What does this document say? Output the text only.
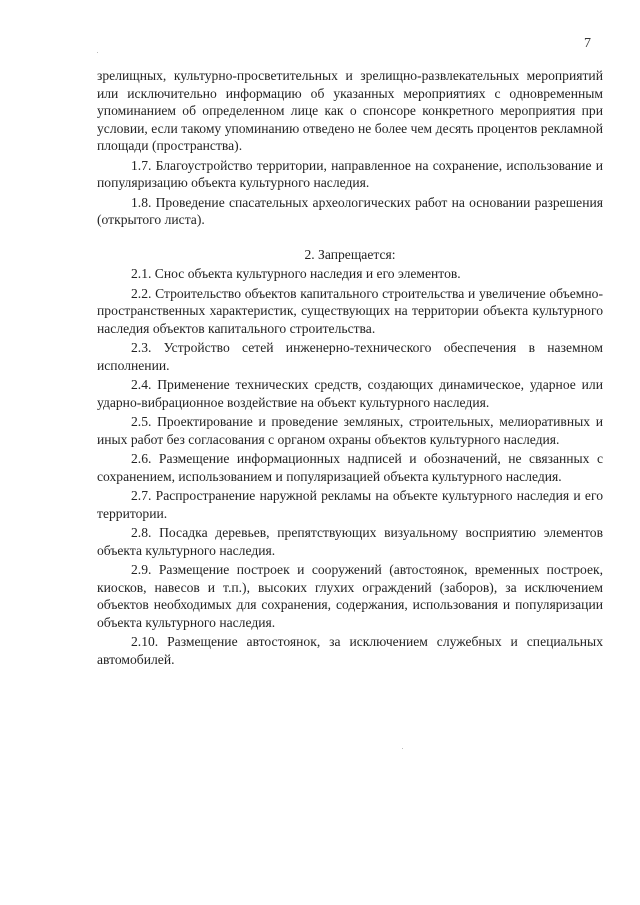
7

зрелищных, культурно-просветительных и зрелищно-развлекательных мероприятий или исключительно информацию об указанных мероприятиях с одновременным упоминанием об определенном лице как о спонсоре конкретного мероприятия при условии, если такому упоминанию отведено не более чем десять процентов рекламной площади (пространства).

1.7. Благоустройство территории, направленное на сохранение, использование и популяризацию объекта культурного наследия.

1.8. Проведение спасательных археологических работ на основании разрешения (открытого листа).

2. Запрещается:

2.1. Снос объекта культурного наследия и его элементов.

2.2. Строительство объектов капитального строительства и увеличение объемно-пространственных характеристик, существующих на территории объекта культурного наследия объектов капитального строительства.

2.3. Устройство сетей инженерно-технического обеспечения в наземном исполнении.

2.4. Применение технических средств, создающих динамическое, ударное или ударно-вибрационное воздействие на объект культурного наследия.

2.5. Проектирование и проведение земляных, строительных, мелиоративных и иных работ без согласования с органом охраны объектов культурного наследия.

2.6. Размещение информационных надписей и обозначений, не связанных с сохранением, использованием и популяризацией объекта культурного наследия.

2.7. Распространение наружной рекламы на объекте культурного наследия и его территории.

2.8. Посадка деревьев, препятствующих визуальному восприятию элементов объекта культурного наследия.

2.9. Размещение построек и сооружений (автостоянок, временных построек, киосков, навесов и т.п.), высоких глухих ограждений (заборов), за исключением объектов необходимых для сохранения, содержания, использования и популяризации объекта культурного наследия.

2.10. Размещение автостоянок, за исключением служебных и специальных автомобилей.
